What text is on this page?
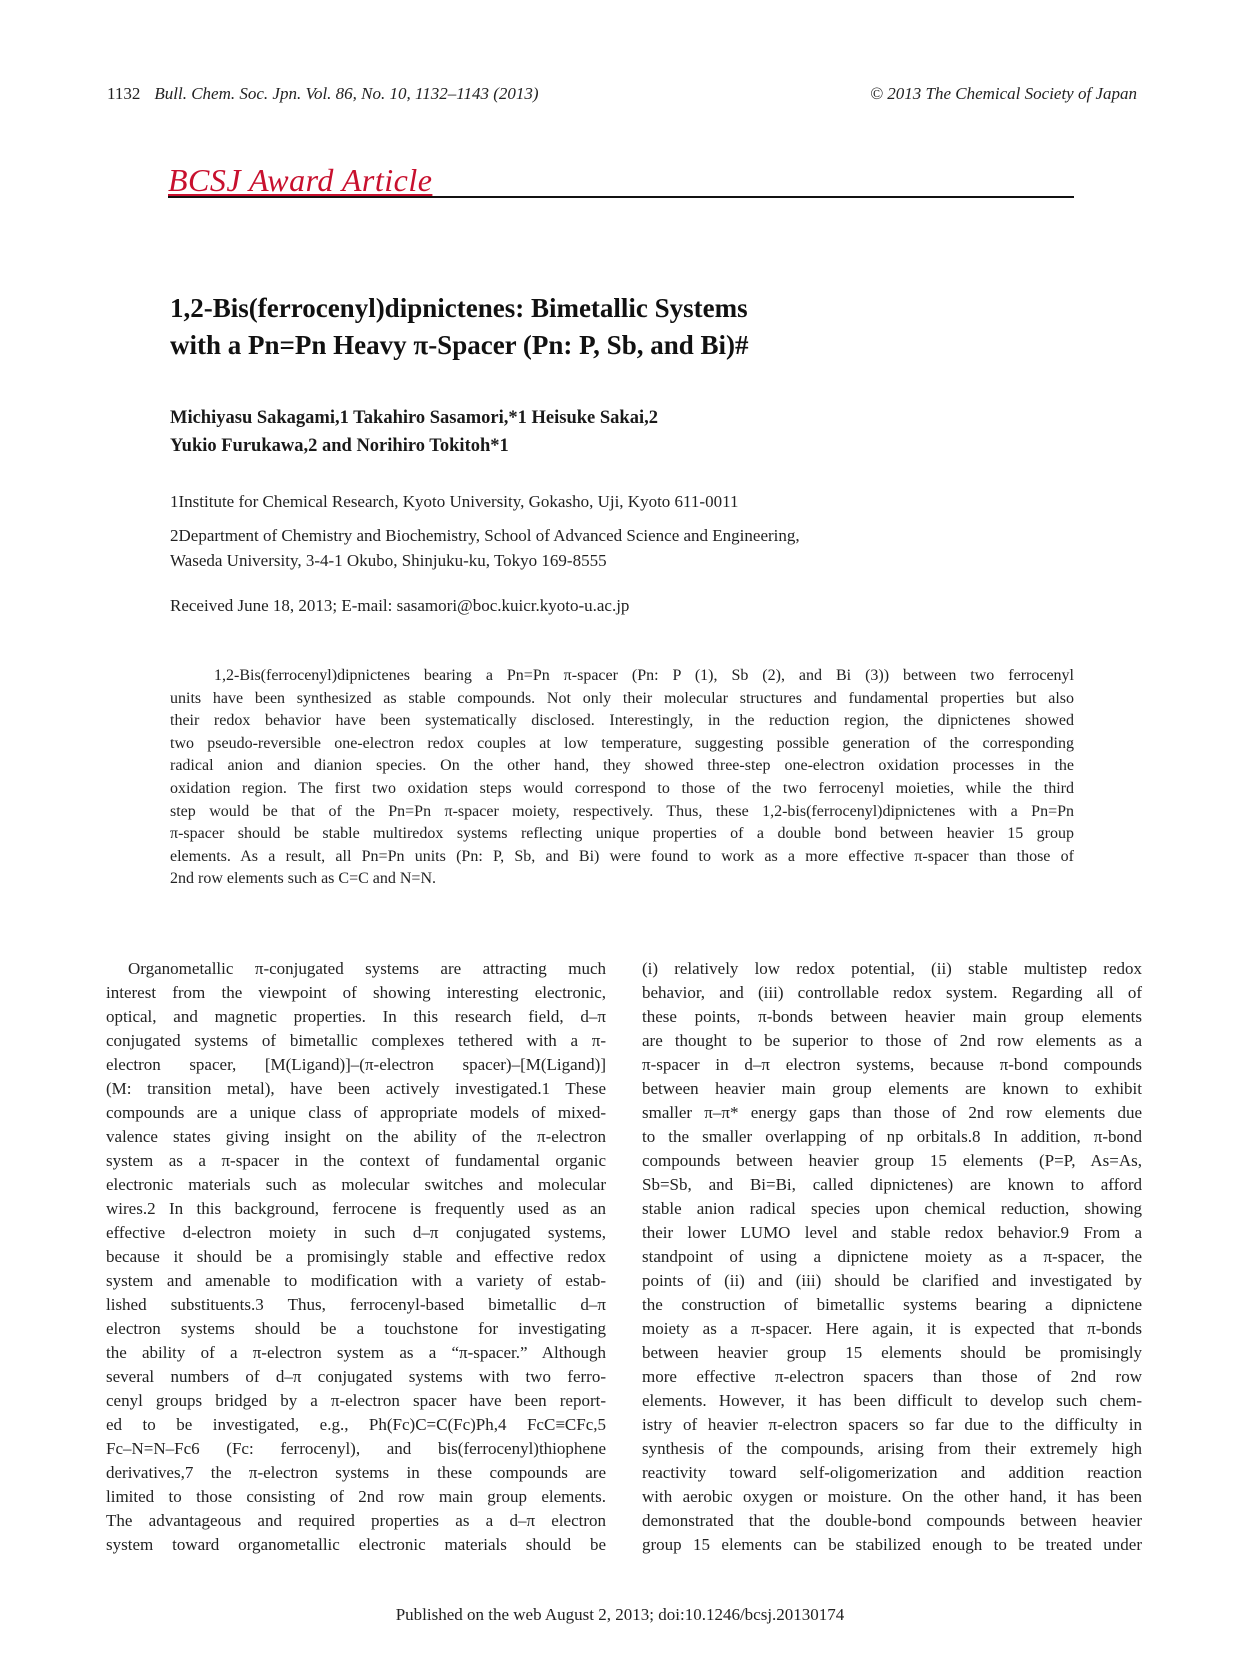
1132 Bull. Chem. Soc. Jpn. Vol. 86, No. 10, 1132–1143 (2013)	© 2013 The Chemical Society of Japan
BCSJ Award Article
1,2-Bis(ferrocenyl)dipnictenes: Bimetallic Systems
with a Pn=Pn Heavy π-Spacer (Pn: P, Sb, and Bi)#
Michiyasu Sakagami,1 Takahiro Sasamori,*1 Heisuke Sakai,2
Yukio Furukawa,2 and Norihiro Tokitoh*1
1Institute for Chemical Research, Kyoto University, Gokasho, Uji, Kyoto 611-0011
2Department of Chemistry and Biochemistry, School of Advanced Science and Engineering,
Waseda University, 3-4-1 Okubo, Shinjuku-ku, Tokyo 169-8555
Received June 18, 2013; E-mail: sasamori@boc.kuicr.kyoto-u.ac.jp
1,2-Bis(ferrocenyl)dipnictenes bearing a Pn=Pn π-spacer (Pn: P (1), Sb (2), and Bi (3)) between two ferrocenyl
units have been synthesized as stable compounds. Not only their molecular structures and fundamental properties but also
their redox behavior have been systematically disclosed. Interestingly, in the reduction region, the dipnictenes showed
two pseudo-reversible one-electron redox couples at low temperature, suggesting possible generation of the corresponding
radical anion and dianion species. On the other hand, they showed three-step one-electron oxidation processes in the
oxidation region. The first two oxidation steps would correspond to those of the two ferrocenyl moieties, while the third
step would be that of the Pn=Pn π-spacer moiety, respectively. Thus, these 1,2-bis(ferrocenyl)dipnictenes with a Pn=Pn
π-spacer should be stable multiredox systems reflecting unique properties of a double bond between heavier 15 group
elements. As a result, all Pn=Pn units (Pn: P, Sb, and Bi) were found to work as a more effective π-spacer than those of
2nd row elements such as C=C and N=N.
Organometallic π-conjugated systems are attracting much
interest from the viewpoint of showing interesting electronic,
optical, and magnetic properties. In this research field, d–π
conjugated systems of bimetallic complexes tethered with a π-
electron spacer, [M(Ligand)]–(π-electron spacer)–[M(Ligand)]
(M: transition metal), have been actively investigated.1 These
compounds are a unique class of appropriate models of mixed-
valence states giving insight on the ability of the π-electron
system as a π-spacer in the context of fundamental organic
electronic materials such as molecular switches and molecular
wires.2 In this background, ferrocene is frequently used as an
effective d-electron moiety in such d–π conjugated systems,
because it should be a promisingly stable and effective redox
system and amenable to modification with a variety of estab-
lished substituents.3 Thus, ferrocenyl-based bimetallic d–π
electron systems should be a touchstone for investigating
the ability of a π-electron system as a “π-spacer.” Although
several numbers of d–π conjugated systems with two ferro-
cenyl groups bridged by a π-electron spacer have been report-
ed to be investigated, e.g., Ph(Fc)C=C(Fc)Ph,4 FcC≡CFc,5
Fc–N=N–Fc6 (Fc: ferrocenyl), and bis(ferrocenyl)thiophene
derivatives,7 the π-electron systems in these compounds are
limited to those consisting of 2nd row main group elements.
The advantageous and required properties as a d–π electron
system toward organometallic electronic materials should be
(i) relatively low redox potential, (ii) stable multistep redox
behavior, and (iii) controllable redox system. Regarding all of
these points, π-bonds between heavier main group elements
are thought to be superior to those of 2nd row elements as a
π-spacer in d–π electron systems, because π-bond compounds
between heavier main group elements are known to exhibit
smaller π–π* energy gaps than those of 2nd row elements due
to the smaller overlapping of np orbitals.8 In addition, π-bond
compounds between heavier group 15 elements (P=P, As=As,
Sb=Sb, and Bi=Bi, called dipnictenes) are known to afford
stable anion radical species upon chemical reduction, showing
their lower LUMO level and stable redox behavior.9 From a
standpoint of using a dipnictene moiety as a π-spacer, the
points of (ii) and (iii) should be clarified and investigated by
the construction of bimetallic systems bearing a dipnictene
moiety as a π-spacer. Here again, it is expected that π-bonds
between heavier group 15 elements should be promisingly
more effective π-electron spacers than those of 2nd row
elements. However, it has been difficult to develop such chem-
istry of heavier π-electron spacers so far due to the difficulty in
synthesis of the compounds, arising from their extremely high
reactivity toward self-oligomerization and addition reaction
with aerobic oxygen or moisture. On the other hand, it has been
demonstrated that the double-bond compounds between heavier
group 15 elements can be stabilized enough to be treated under
Published on the web August 2, 2013; doi:10.1246/bcsj.20130174
